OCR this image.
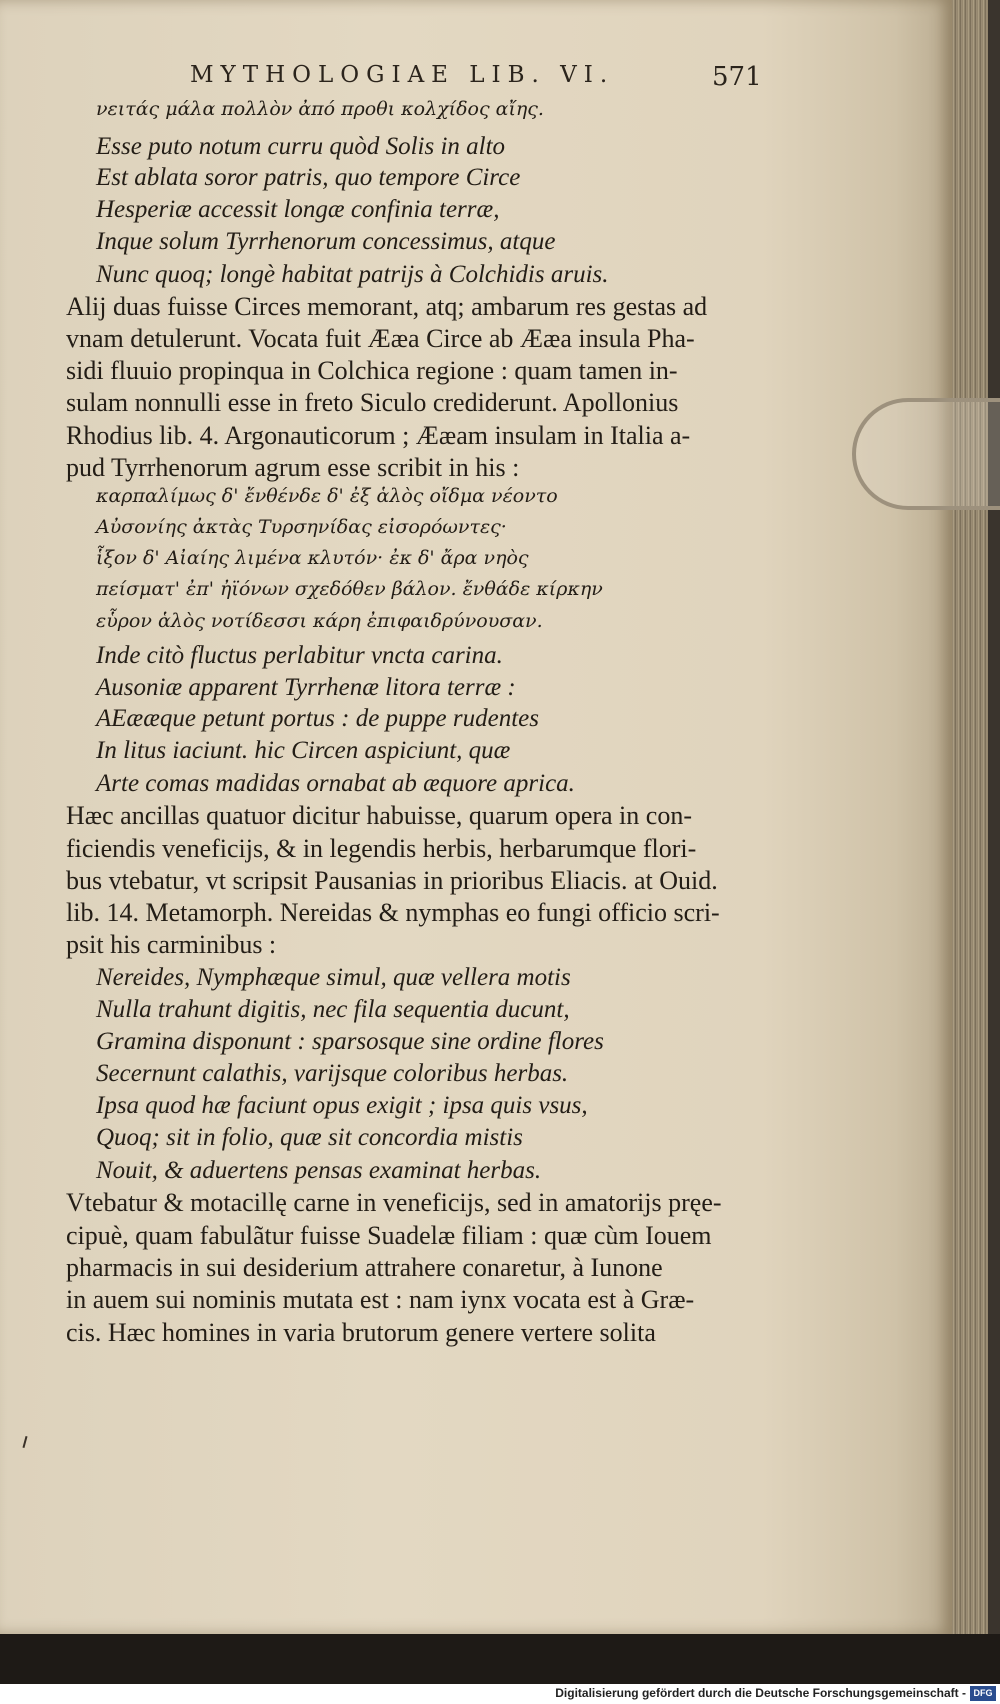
MYTHOLOGIAE LIB. VI.	571
νειτάς μάλα πολλὸν ἀπό προθι κολχίδος αἴης.
Esse puto notum curru quòd Solis in alto
Est ablata soror patris, quo tempore Circe
Hesperiæ accessit longæ confinia terræ,
Inque solum Tyrrhenorum concessimus, atque
Nunc quoq; longè habitat patrijs à Colchidis aruis.
Alij duas fuisse Circes memorant, atq; ambarum res gestas ad
vnam detulerunt. Vocata fuit Ææa Circe ab Ææa insula Pha-
sidi fluuio propinqua in Colchica regione : quam tamen in-
sulam nonnulli esse in freto Siculo crediderunt. Apollonius
Rhodius lib. 4. Argonauticorum ; Ææam insulam in Italia a-
pud Tyrrhenorum agrum esse scribit in his :
καρπαλίμως δ' ἔνθένδε δ' ἐξ ἁλὸς οἴδμα νέοντο
Αὐσονίης ἀκτὰς Τυρσηνίδας εἰσορόωντες·
ἷξον δ' Αἰαίης λιμένα κλυτόν· ἐκ δ' ἄρα νηὸς
πείσματ' ἐπ' ἠϊόνων σχεδόθεν βάλον. ἔνθάδε κίρκην
εὗρον ἁλὸς νοτίδεσσι κάρη ἐπιφαιδρύνουσαν.
Inde citò fluctus perlabitur vncta carina.
Ausoniæ apparent Tyrrhenæ litora terræ :
AEææque petunt portus : de puppe rudentes
In litus iaciunt. hic Circen aspiciunt, quæ
Arte comas madidas ornabat ab æquore aprica.
Hæc ancillas quatuor dicitur habuisse, quarum opera in con-
ficiendis veneficijs, & in legendis herbis, herbarumque flori-
bus vtebatur, vt scripsit Pausanias in prioribus Eliacis. at Ouid.
lib. 14. Metamorph. Nereidas & nymphas eo fungi officio scri-
psit his carminibus :
Nereides, Nymphæque simul, quæ vellera motis
Nulla trahunt digitis, nec fila sequentia ducunt,
Gramina disponunt : sparsosque sine ordine flores
Secernunt calathis, varijsque coloribus herbas.
Ipsa quod hæ faciunt opus exigit ; ipsa quis vsus,
Quoq; sit in folio, quæ sit concordia mistis
Nouit, & aduertens pensas examinat herbas.
Vtebatur & motacillę carne in veneficijs, sed in amatorijs pręe-
cipuè, quam fabulãtur fuisse Suadelæ filiam : quæ cùm Iouem
pharmacis in sui desiderium attrahere conaretur, à Iunone
in auem sui nominis mutata est : nam iynx vocata est à Græ-
cis. Hæc homines in varia brutorum genere vertere solita
Digitalisierung gefördert durch die Deutsche Forschungsgemeinschaft - DFG
